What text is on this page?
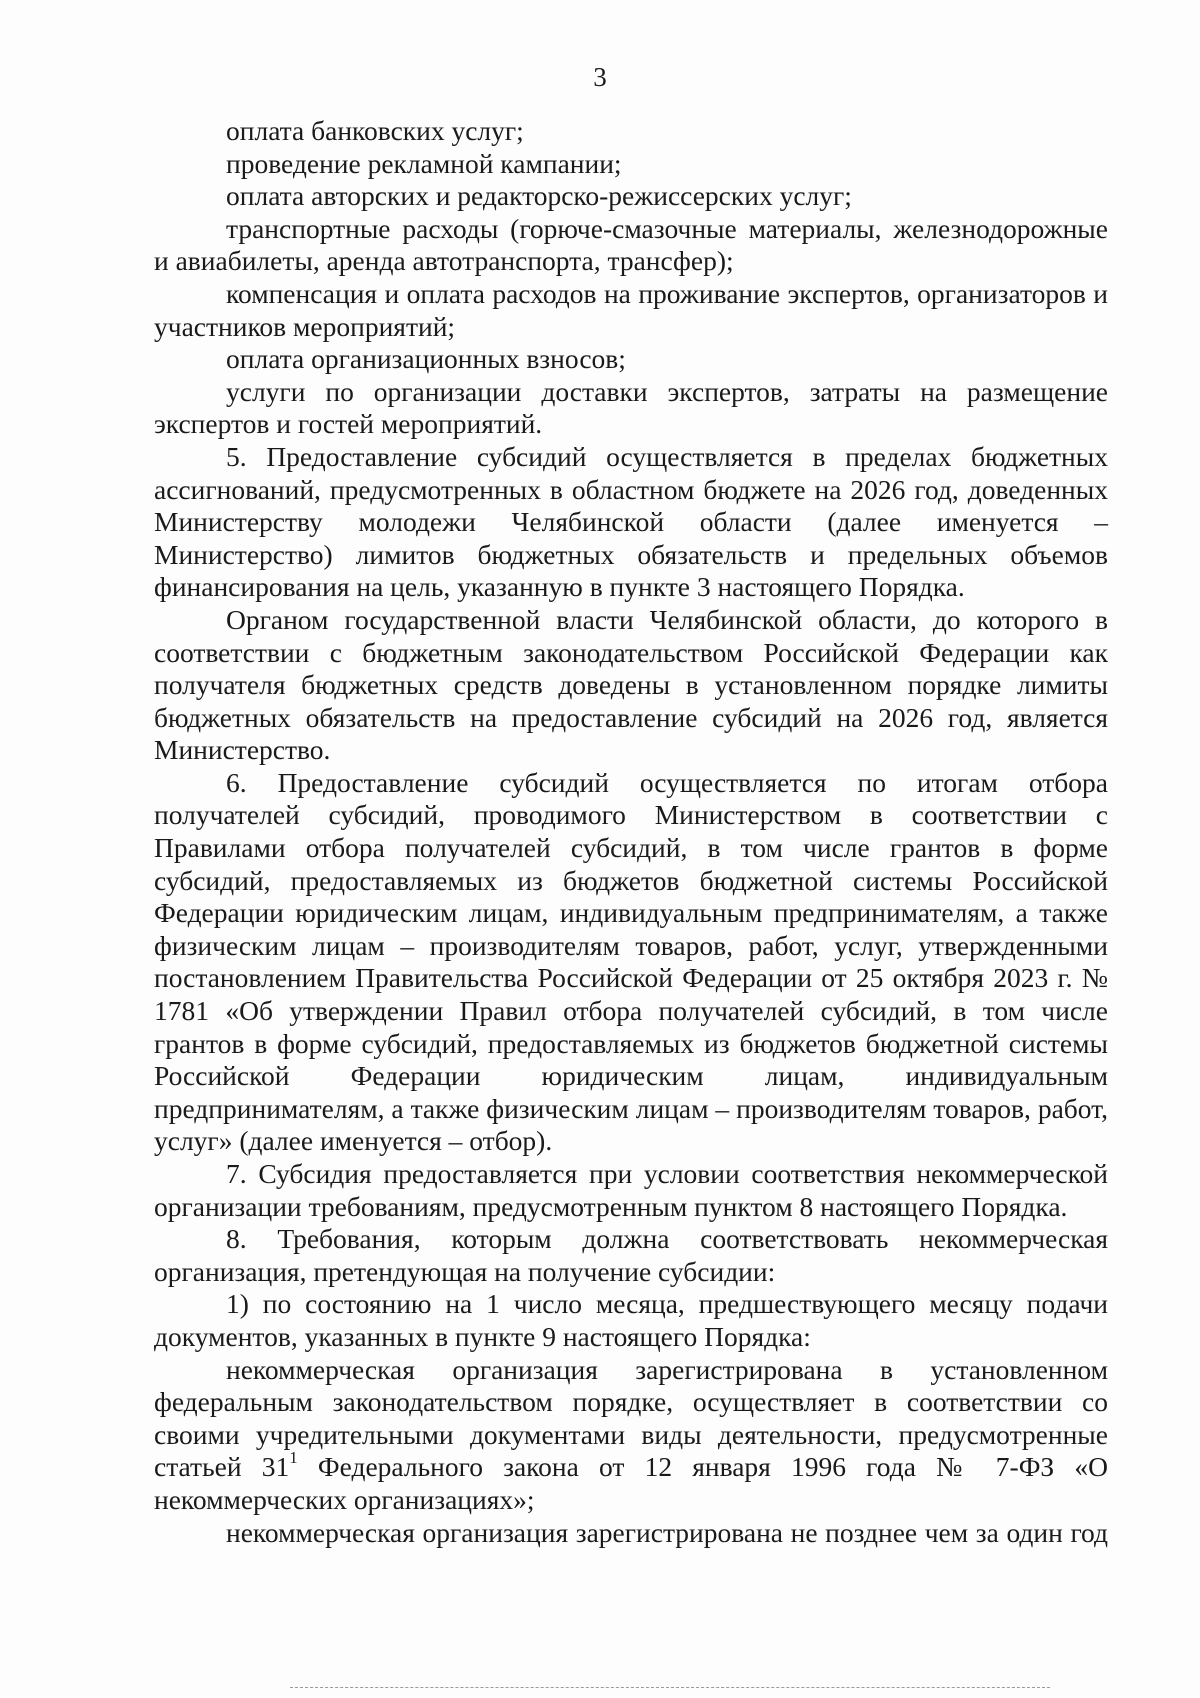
3

оплата банковских услуг;

проведение рекламной кампании;

оплата авторских и редакторско-режиссерских услуг;

транспортные расходы (горюче-смазочные материалы, железнодорожные и авиабилеты, аренда автотранспорта, трансфер);

компенсация и оплата расходов на проживание экспертов, организаторов и участников мероприятий;

оплата организационных взносов;

услуги по организации доставки экспертов, затраты на размещение экспертов и гостей мероприятий.

5. Предоставление субсидий осуществляется в пределах бюджетных ассигнований, предусмотренных в областном бюджете на 2026 год, доведенных Министерству молодежи Челябинской области (далее именуется – Министерство) лимитов бюджетных обязательств и предельных объемов финансирования на цель, указанную в пункте 3 настоящего Порядка.

Органом государственной власти Челябинской области, до которого в соответствии с бюджетным законодательством Российской Федерации как получателя бюджетных средств доведены в установленном порядке лимиты бюджетных обязательств на предоставление субсидий на 2026 год, является Министерство.

6. Предоставление субсидий осуществляется по итогам отбора получателей субсидий, проводимого Министерством в соответствии с Правилами отбора получателей субсидий, в том числе грантов в форме субсидий, предоставляемых из бюджетов бюджетной системы Российской Федерации юридическим лицам, индивидуальным предпринимателям, а также физическим лицам – производителям товаров, работ, услуг, утвержденными постановлением Правительства Российской Федерации от 25 октября 2023 г. № 1781 «Об утверждении Правил отбора получателей субсидий, в том числе грантов в форме субсидий, предоставляемых из бюджетов бюджетной системы Российской Федерации юридическим лицам, индивидуальным предпринимателям, а также физическим лицам – производителям товаров, работ, услуг» (далее именуется – отбор).

7. Субсидия предоставляется при условии соответствия некоммерческой организации требованиям, предусмотренным пунктом 8 настоящего Порядка.

8. Требования, которым должна соответствовать некоммерческая организация, претендующая на получение субсидии:

1) по состоянию на 1 число месяца, предшествующего месяцу подачи документов, указанных в пункте 9 настоящего Порядка:

некоммерческая организация зарегистрирована в установленном федеральным законодательством порядке, осуществляет в соответствии со своими учредительными документами виды деятельности, предусмотренные статьей $31^1$ Федерального закона от 12 января 1996 года № 7-ФЗ «О некоммерческих организациях»;

некоммерческая организация зарегистрирована не позднее чем за один год
